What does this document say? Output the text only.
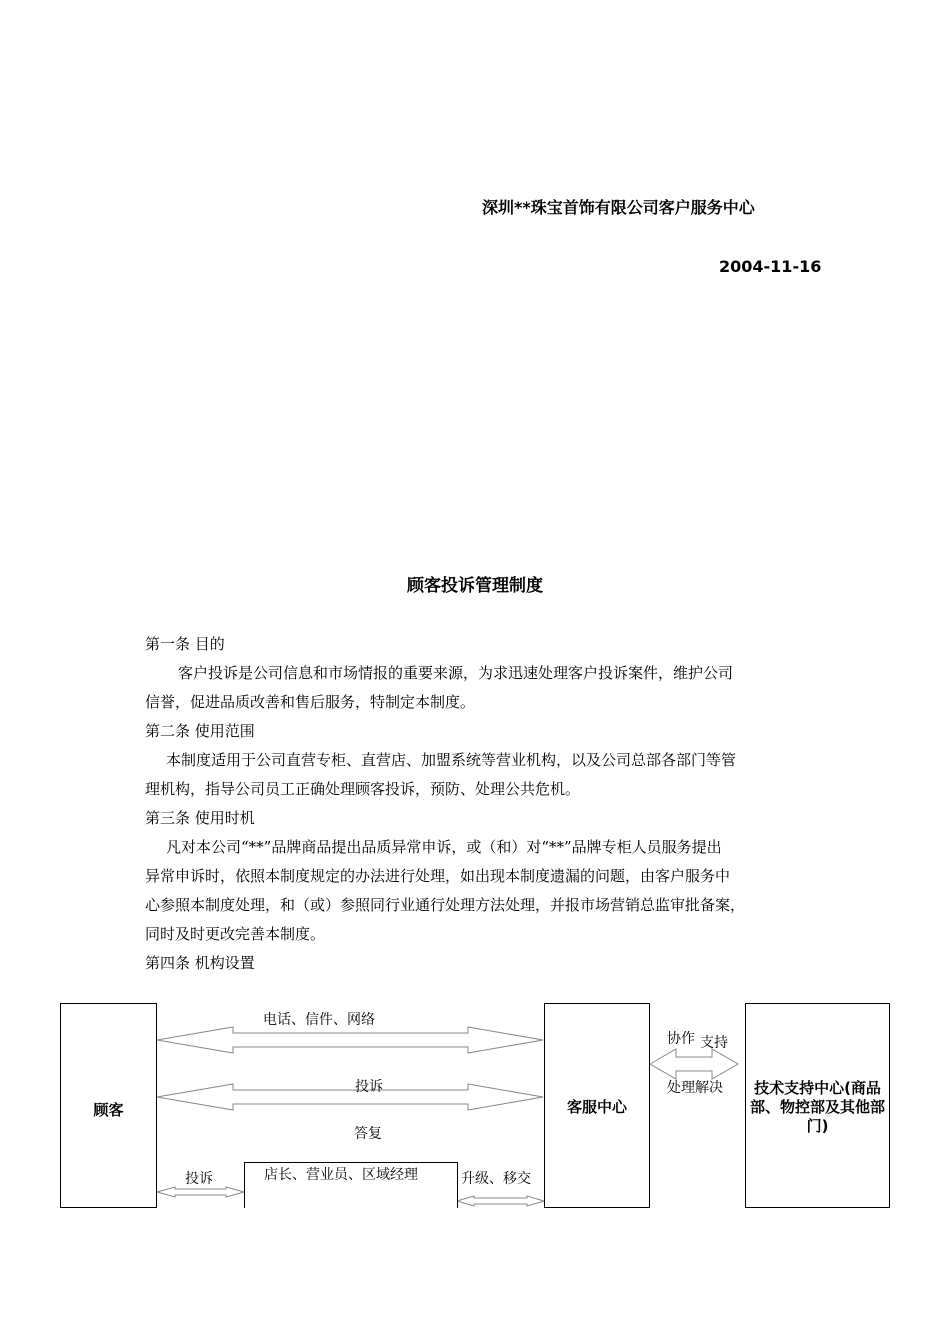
深圳**珠宝首饰有限公司客户服务中心
2004-11-16
顾客投诉管理制度
第一条 目的
客户投诉是公司信息和市场情报的重要来源，为求迅速处理客户投诉案件，维护公司
信誉，促进品质改善和售后服务，特制定本制度。
第二条 使用范围
本制度适用于公司直营专柜、直营店、加盟系统等营业机构，以及公司总部各部门等管
理机构，指导公司员工正确处理顾客投诉，预防、处理公共危机。
第三条 使用时机
凡对本公司“**”品牌商品提出品质异常申诉，或（和）对“**”品牌专柜人员服务提出
异常申诉时，依照本制度规定的办法进行处理，如出现本制度遗漏的问题，由客户服务中
心参照本制度处理，和（或）参照同行业通行处理方法处理，并报市场营销总监审批备案，
同时及时更改完善本制度。
第四条 机构设置
顾客	客服中心
技术支持中心(商品部、物控部及其他部门)
电话、信件、网络
投诉
答复
投诉	店长、营业员、区域经理	升级、移交
协作 支持
处理解决
